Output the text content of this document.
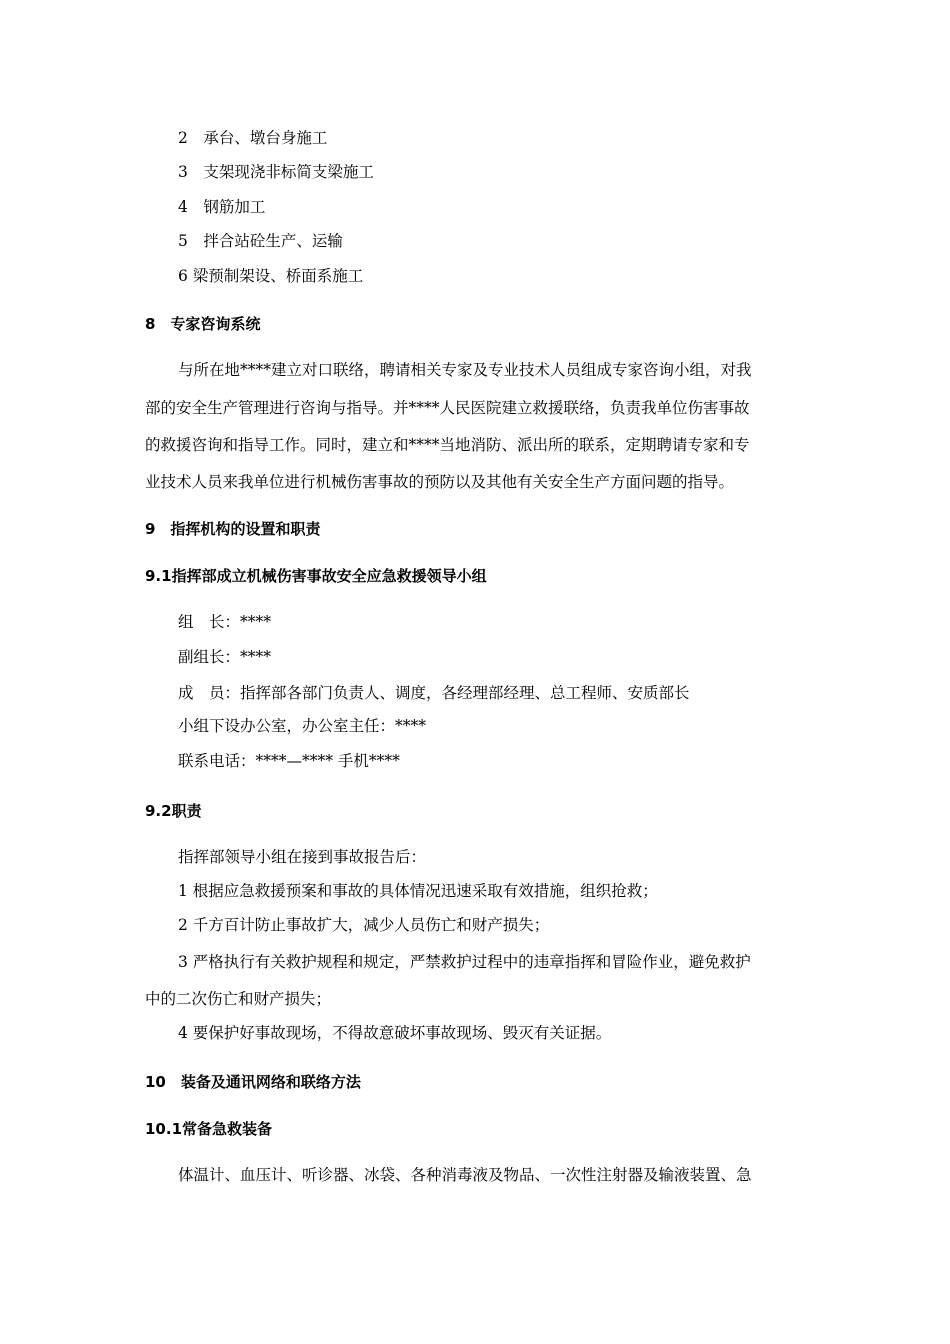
2　承台、墩台身施工
3　支架现浇非标简支梁施工
4　钢筋加工
5　拌合站砼生产、运输
6 梁预制架设、桥面系施工
8　专家咨询系统
与所在地****建立对口联络，聘请相关专家及专业技术人员组成专家咨询小组，对我
部的安全生产管理进行咨询与指导。并****人民医院建立救援联络，负责我单位伤害事故
的救援咨询和指导工作。同时，建立和****当地消防、派出所的联系，定期聘请专家和专
业技术人员来我单位进行机械伤害事故的预防以及其他有关安全生产方面问题的指导。
9　指挥机构的设置和职责
9.1指挥部成立机械伤害事故安全应急救援领导小组
组　长：****
副组长：****
成　员：指挥部各部门负责人、调度，各经理部经理、总工程师、安质部长
小组下设办公室，办公室主任：****
联系电话：****—**** 手机****
9.2职责
指挥部领导小组在接到事故报告后：
1 根据应急救援预案和事故的具体情况迅速采取有效措施，组织抢救；
2 千方百计防止事故扩大，减少人员伤亡和财产损失；
3 严格执行有关救护规程和规定，严禁救护过程中的违章指挥和冒险作业，避免救护
中的二次伤亡和财产损失；
4 要保护好事故现场，不得故意破坏事故现场、毁灭有关证据。
10　装备及通讯网络和联络方法
10.1常备急救装备
体温计、血压计、听诊器、冰袋、各种消毒液及物品、一次性注射器及输液装置、急
